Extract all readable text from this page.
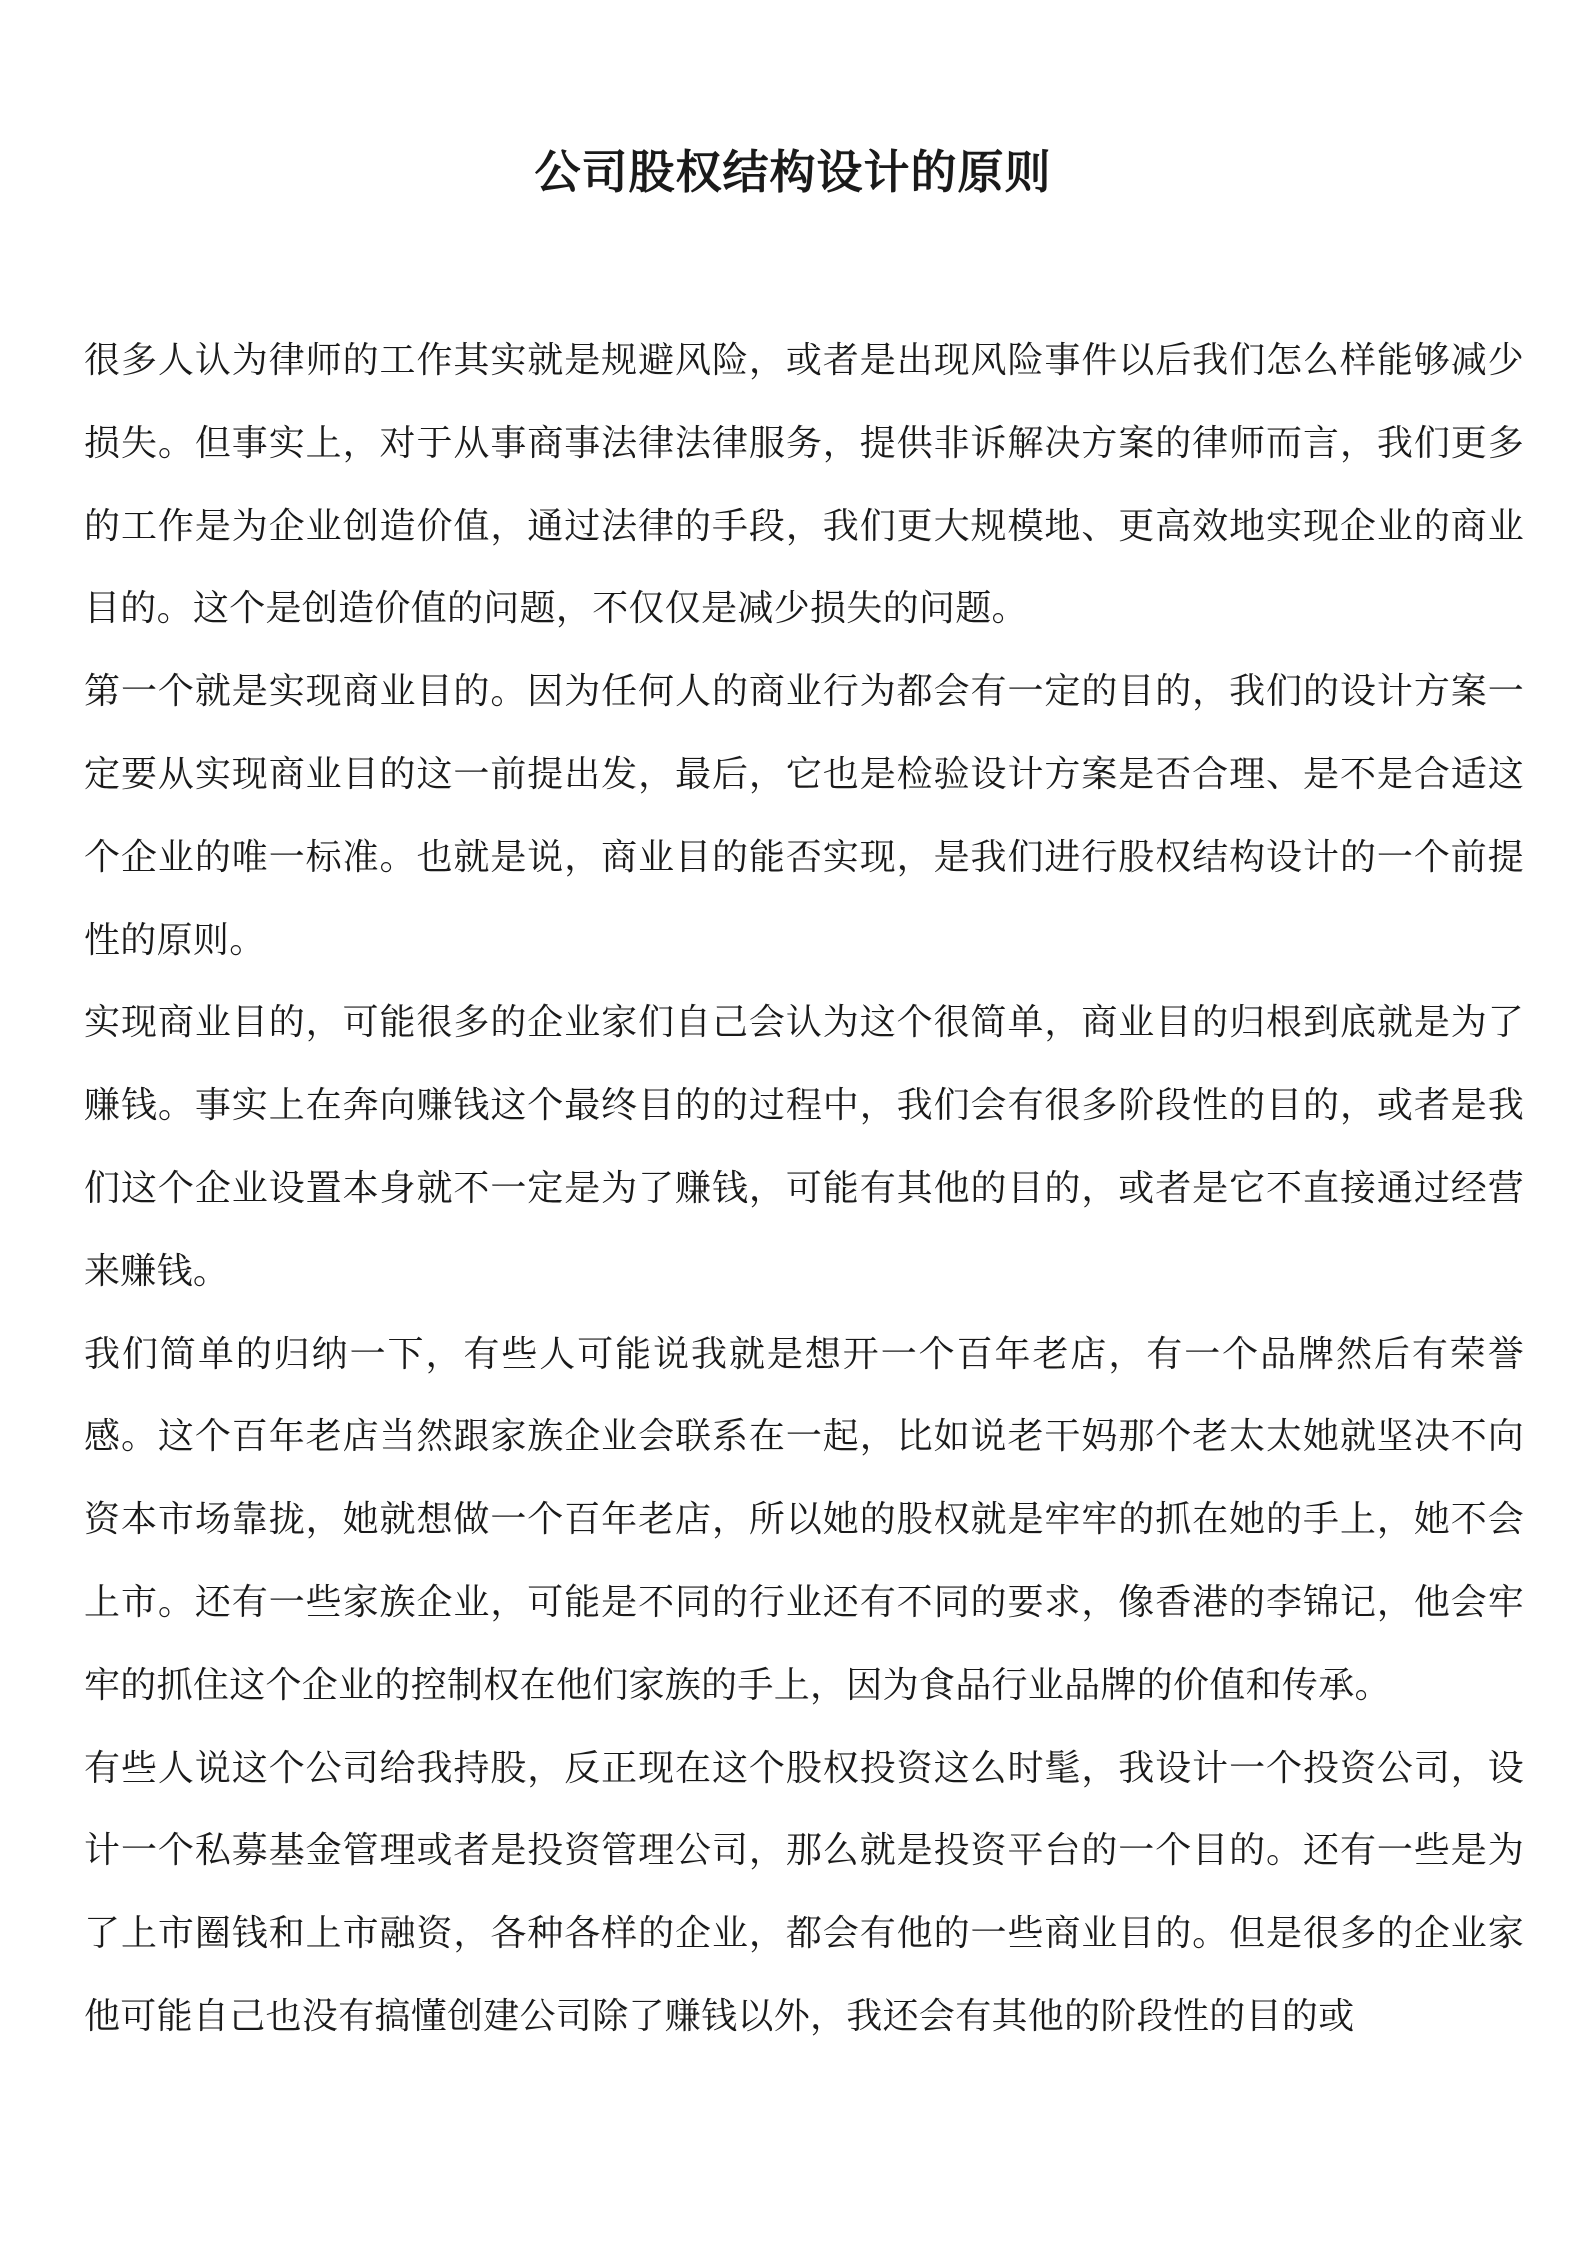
公司股权结构设计的原则

很多人认为律师的工作其实就是规避风险，或者是出现风险事件以后我们怎么样能够减少损失。但事实上，对于从事商事法律法律服务，提供非诉解决方案的律师而言，我们更多的工作是为企业创造价值，通过法律的手段，我们更大规模地、更高效地实现企业的商业目的。这个是创造价值的问题，不仅仅是减少损失的问题。

第一个就是实现商业目的。因为任何人的商业行为都会有一定的目的，我们的设计方案一定要从实现商业目的这一前提出发，最后，它也是检验设计方案是否合理、是不是合适这个企业的唯一标准。也就是说，商业目的能否实现，是我们进行股权结构设计的一个前提性的原则。

实现商业目的，可能很多的企业家们自己会认为这个很简单，商业目的归根到底就是为了赚钱。事实上在奔向赚钱这个最终目的的过程中，我们会有很多阶段性的目的，或者是我们这个企业设置本身就不一定是为了赚钱，可能有其他的目的，或者是它不直接通过经营来赚钱。

我们简单的归纳一下，有些人可能说我就是想开一个百年老店，有一个品牌然后有荣誉感。这个百年老店当然跟家族企业会联系在一起，比如说老干妈那个老太太她就坚决不向资本市场靠拢，她就想做一个百年老店，所以她的股权就是牢牢的抓在她的手上，她不会上市。还有一些家族企业，可能是不同的行业还有不同的要求，像香港的李锦记，他会牢牢的抓住这个企业的控制权在他们家族的手上，因为食品行业品牌的价值和传承。

有些人说这个公司给我持股，反正现在这个股权投资这么时髦，我设计一个投资公司，设计一个私募基金管理或者是投资管理公司，那么就是投资平台的一个目的。还有一些是为了上市圈钱和上市融资，各种各样的企业，都会有他的一些商业目的。但是很多的企业家他可能自己也没有搞懂创建公司除了赚钱以外，我还会有其他的阶段性的目的或
